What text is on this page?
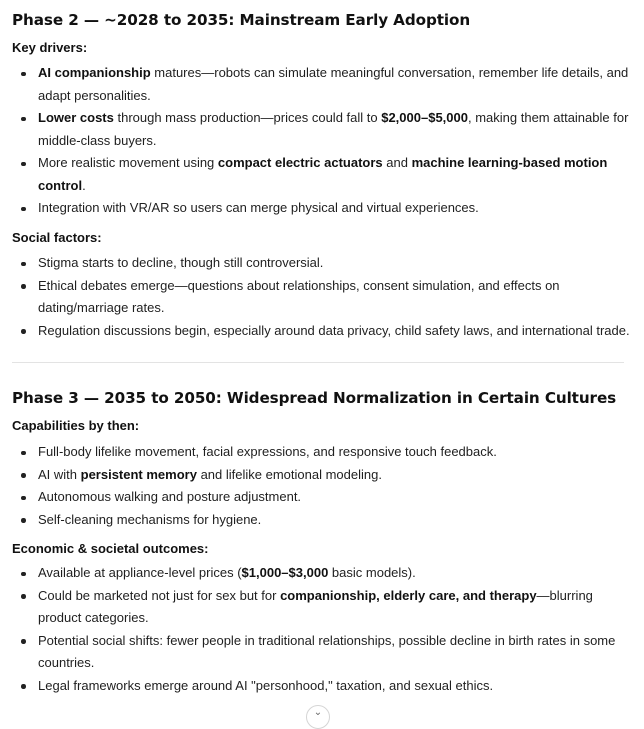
Phase 2 — ~2028 to 2035: Mainstream Early Adoption
Key drivers:
AI companionship matures—robots can simulate meaningful conversation, remember life details, and adapt personalities.
Lower costs through mass production—prices could fall to $2,000–$5,000, making them attainable for middle-class buyers.
More realistic movement using compact electric actuators and machine learning-based motion control.
Integration with VR/AR so users can merge physical and virtual experiences.
Social factors:
Stigma starts to decline, though still controversial.
Ethical debates emerge—questions about relationships, consent simulation, and effects on dating/marriage rates.
Regulation discussions begin, especially around data privacy, child safety laws, and international trade.
Phase 3 — 2035 to 2050: Widespread Normalization in Certain Cultures
Capabilities by then:
Full-body lifelike movement, facial expressions, and responsive touch feedback.
AI with persistent memory and lifelike emotional modeling.
Autonomous walking and posture adjustment.
Self-cleaning mechanisms for hygiene.
Economic & societal outcomes:
Available at appliance-level prices ($1,000–$3,000 basic models).
Could be marketed not just for sex but for companionship, elderly care, and therapy—blurring product categories.
Potential social shifts: fewer people in traditional relationships, possible decline in birth rates in some countries.
Legal frameworks emerge around AI "personhood," taxation, and sexual ethics.
⌄
